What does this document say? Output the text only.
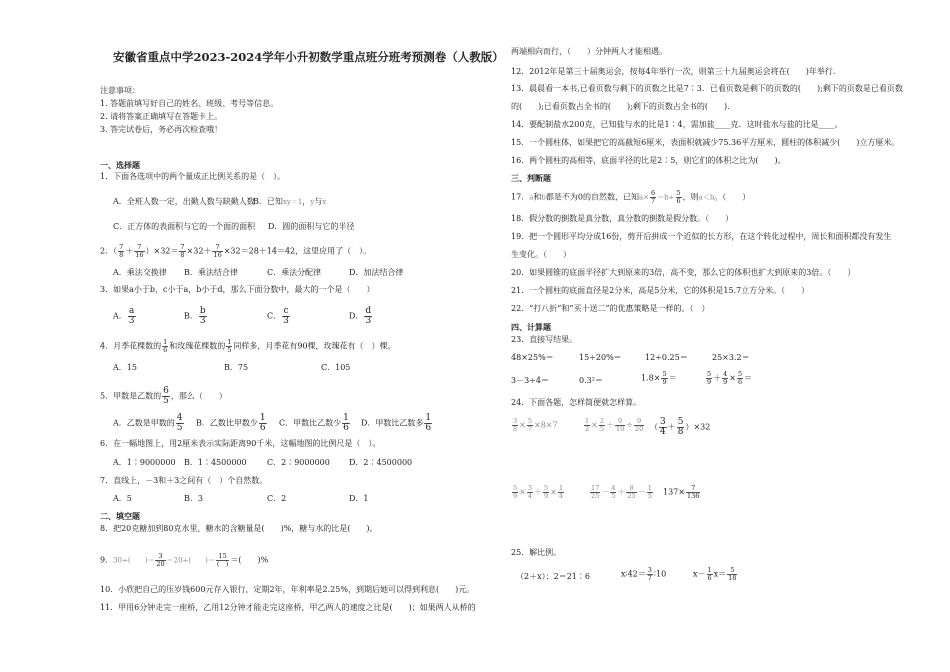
安徽省重点中学2023-2024学年小升初数学重点班分班考预测卷（人教版）
注意事项：
1. 答题前填写好自己的姓名、班级、考号等信息。
2. 请将答案正确填写在答题卡上。
3. 答完试卷后，务必再次检查哦！
一、选择题
1．下面各选项中的两个量成正比例关系的是（　）。
A．全班人数一定，出勤人数与缺勤人数
B．已知xy＝1，y与x
C．正方体的表面积与它的一个面的面积 D．圆的面积与它的半径
2．（ $\frac{7}{8} + \frac{7}{16} )\times 32= \frac{7}{8} \times 32+ \frac{7}{16} \times 32=28+14=42$，这里应用了（　）。
A．乘法交换律 B．乘法结合律	C．乘法分配律	D．加法结合律
3．如果a小于b，c小于a，b小于d，那么下面分数中，最大的一个是（　　）
A． $\frac{a}{3}$	B． $\frac{b}{3}$	C． $\frac{c}{3}$	D． $\frac{d}{3}$
4．月季花棵数的 $\frac{1}{6}$ 和玫瑰花棵数的 $\frac{1}{5}$ 同样多，月季花有90棵，玫瑰花有（　）棵。
A．15	B．75	C．105
5．甲数是乙数的 $\frac{6}{5}$ ，那么（　　）
A．乙数是甲数的 $\frac{4}{5}$ B．乙数比甲数少 $\frac{1}{6}$ C．甲数比乙数少 $\frac{1}{6}$ D．甲数比乙数多 $\frac{1}{6}$
6．在一幅地图上，用2厘米表示实际距离90千米，这幅地图的比例尺是（　）。
A．1∶9000000 B．1∶4500000	C．2∶9000000 D．2∶4500000
7．直线上，－3和＋3之间有（　）个自然数。
A．5	B．3	C．2	D．1
二、填空题
8．把20克糖加到80克水里，糖水的含糖量是(　　)%，糖与水的比是(　　)。
9．30÷(　　)＝ $\frac{3}{20} =20\div$(　　)＝
15
(　) ＝(　　)%
10．小欣把自己的压岁钱600元存入银行，定期2年，年利率是2.25%，到期后她可以得到利息(　　)元。
11．甲用6分钟走完一座桥，乙用12分钟才能走完这座桥，甲乙两人的速度之比是(　　)；如果两人从桥的
两端相向而行，（　　）分钟两人才能相遇。
12．2012年是第三十届奥运会，按每4年举行一次，则第三十九届奥运会将在(　　)年举行.
13．晨晨看一本书,已看页数与剩下的页数之比是7∶3．已看页数是剩下的页数的(　　);剩下的页数是已看页数
的(　　);已看页数占全书的(　　);剩下的页数占全书的(　　).
14．要配制盐水200克，已知盐与水的比是1∶4，需加盐____克．这时盐水与盐的比是____。
15．一个圆柱体，如果把它的高截短6厘米，表面积就减少75.36平方厘米，圆柱的体积减少(　　)立方厘米。
16．两个圆柱的高相等，底面半径的比是2∶5，则它们的体积之比为(　　)。
三、判断题
17．a和b都是不为0的自然数，已知$a\times \frac{6}{7} =b\div \frac{5}{6}$ ，则a＜b。（　　）
18．假分数的倒数是真分数，真分数的倒数是假分数。（　　）
19．把一个圆形平均分成16份，剪开后拼成一个近似的长方形，在这个转化过程中，周长和面积都没有发生
生变化。（　　）
20．如果圆锥的底面半径扩大到原来的3倍，高不变，那么它的体积也扩大到原来的3倍。（　　）
21．一个圆柱的底面直径是2分米，高是5分米，它的体积是15.7立方分米。（　　）
22．“打八折”和“买十送二”的优惠策略是一样的。（　）
四、计算题
23．直接写结果。
48×25%＝	15÷20%＝	12÷0.25＝	25×3.2＝
3－3÷4＝	0.3²＝	$1.8\times \frac{5}{9}$ ＝	$\frac{5}{9} + \frac{4}{9} \times \frac{5}{6}$ ＝
24．下面各题，怎样简便就怎样算。
$\frac{3}{8} \times \frac{5}{7} \times 8\times 7$	$\frac{1}{2} \times \frac{2}{5} + \frac{9}{10} \div \frac{9}{20}$ （ $\frac{3}{4} + \frac{5}{8} )\times 32$
$\frac{5}{9} \times \frac{3}{4} + \frac{5}{9} \times \frac{1}{4}$	$\frac{17}{25} - \frac{4}{5} + \frac{8}{25} - \frac{1}{5} 137\times \frac{7}{136}$
25．解比例。
（2＋x）：2＝21∶6	x∶42＝ $\frac{3}{7}$ ∶10	$x- \frac{1}{6} x= \frac{5}{18}$
